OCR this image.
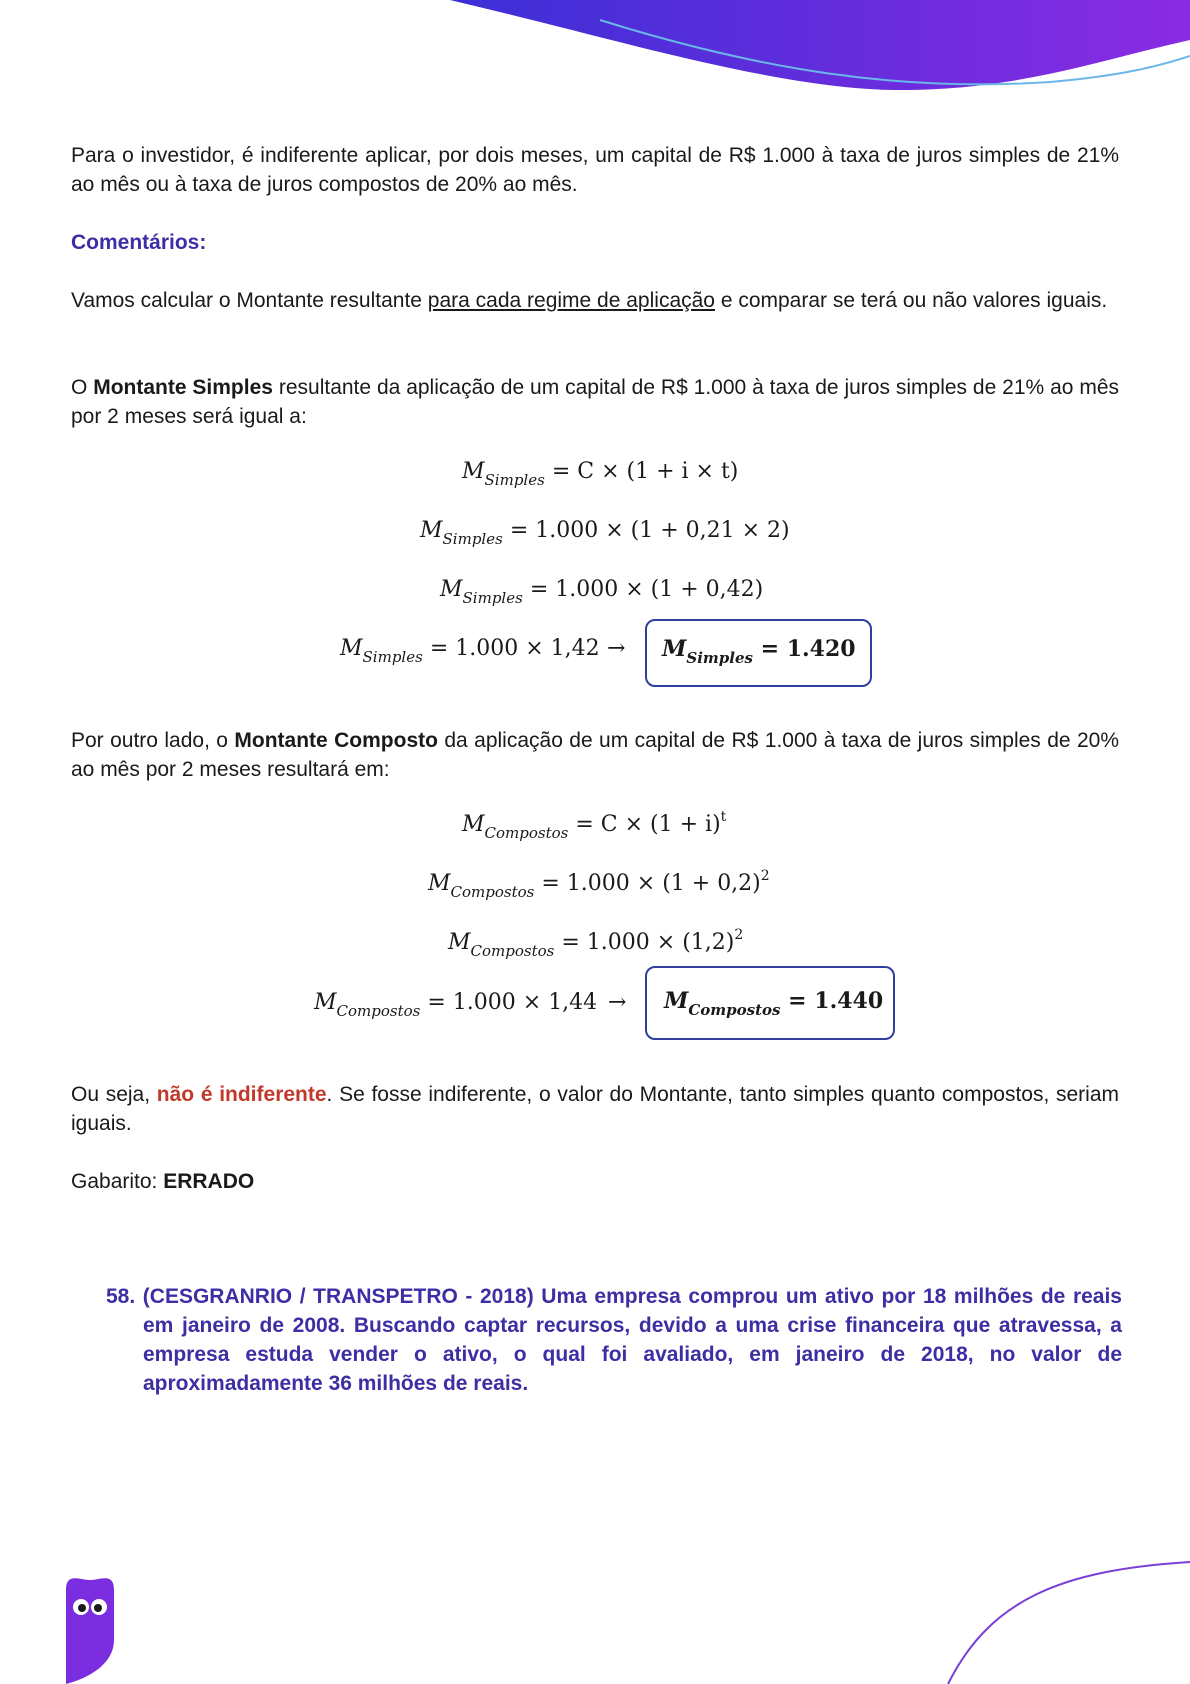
Para o investidor, é indiferente aplicar, por dois meses, um capital de R$ 1.000 à taxa de juros simples de 21% ao mês ou à taxa de juros compostos de 20% ao mês.

Comentários:

Vamos calcular o Montante resultante para cada regime de aplicação e comparar se terá ou não valores iguais.

O Montante Simples resultante da aplicação de um capital de R$ 1.000 à taxa de juros simples de 21% ao mês por 2 meses será igual a:

$M_{Simples} = C \times (1 + i \times t)$
$M_{Simples} = 1.000 \times (1 + 0,21 \times 2)$
$M_{Simples} = 1.000 \times (1 + 0,42)$
$M_{Simples} = 1.000 \times 1,42 \to M_{Simples} = 1.420$

Por outro lado, o Montante Composto da aplicação de um capital de R$ 1.000 à taxa de juros simples de 20% ao mês por 2 meses resultará em:

$M_{Compostos} = C \times (1 + i)^t$
$M_{Compostos} = 1.000 \times (1 + 0,2)^2$
$M_{Compostos} = 1.000 \times (1,2)^2$
$M_{Compostos} = 1.000 \times 1,44 \to M_{Compostos} = 1.440$

Ou seja, não é indiferente. Se fosse indiferente, o valor do Montante, tanto simples quanto compostos, seriam iguais.

Gabarito: ERRADO

58. (CESGRANRIO / TRANSPETRO - 2018) Uma empresa comprou um ativo por 18 milhões de reais em janeiro de 2008. Buscando captar recursos, devido a uma crise financeira que atravessa, a empresa estuda vender o ativo, o qual foi avaliado, em janeiro de 2018, no valor de aproximadamente 36 milhões de reais.
